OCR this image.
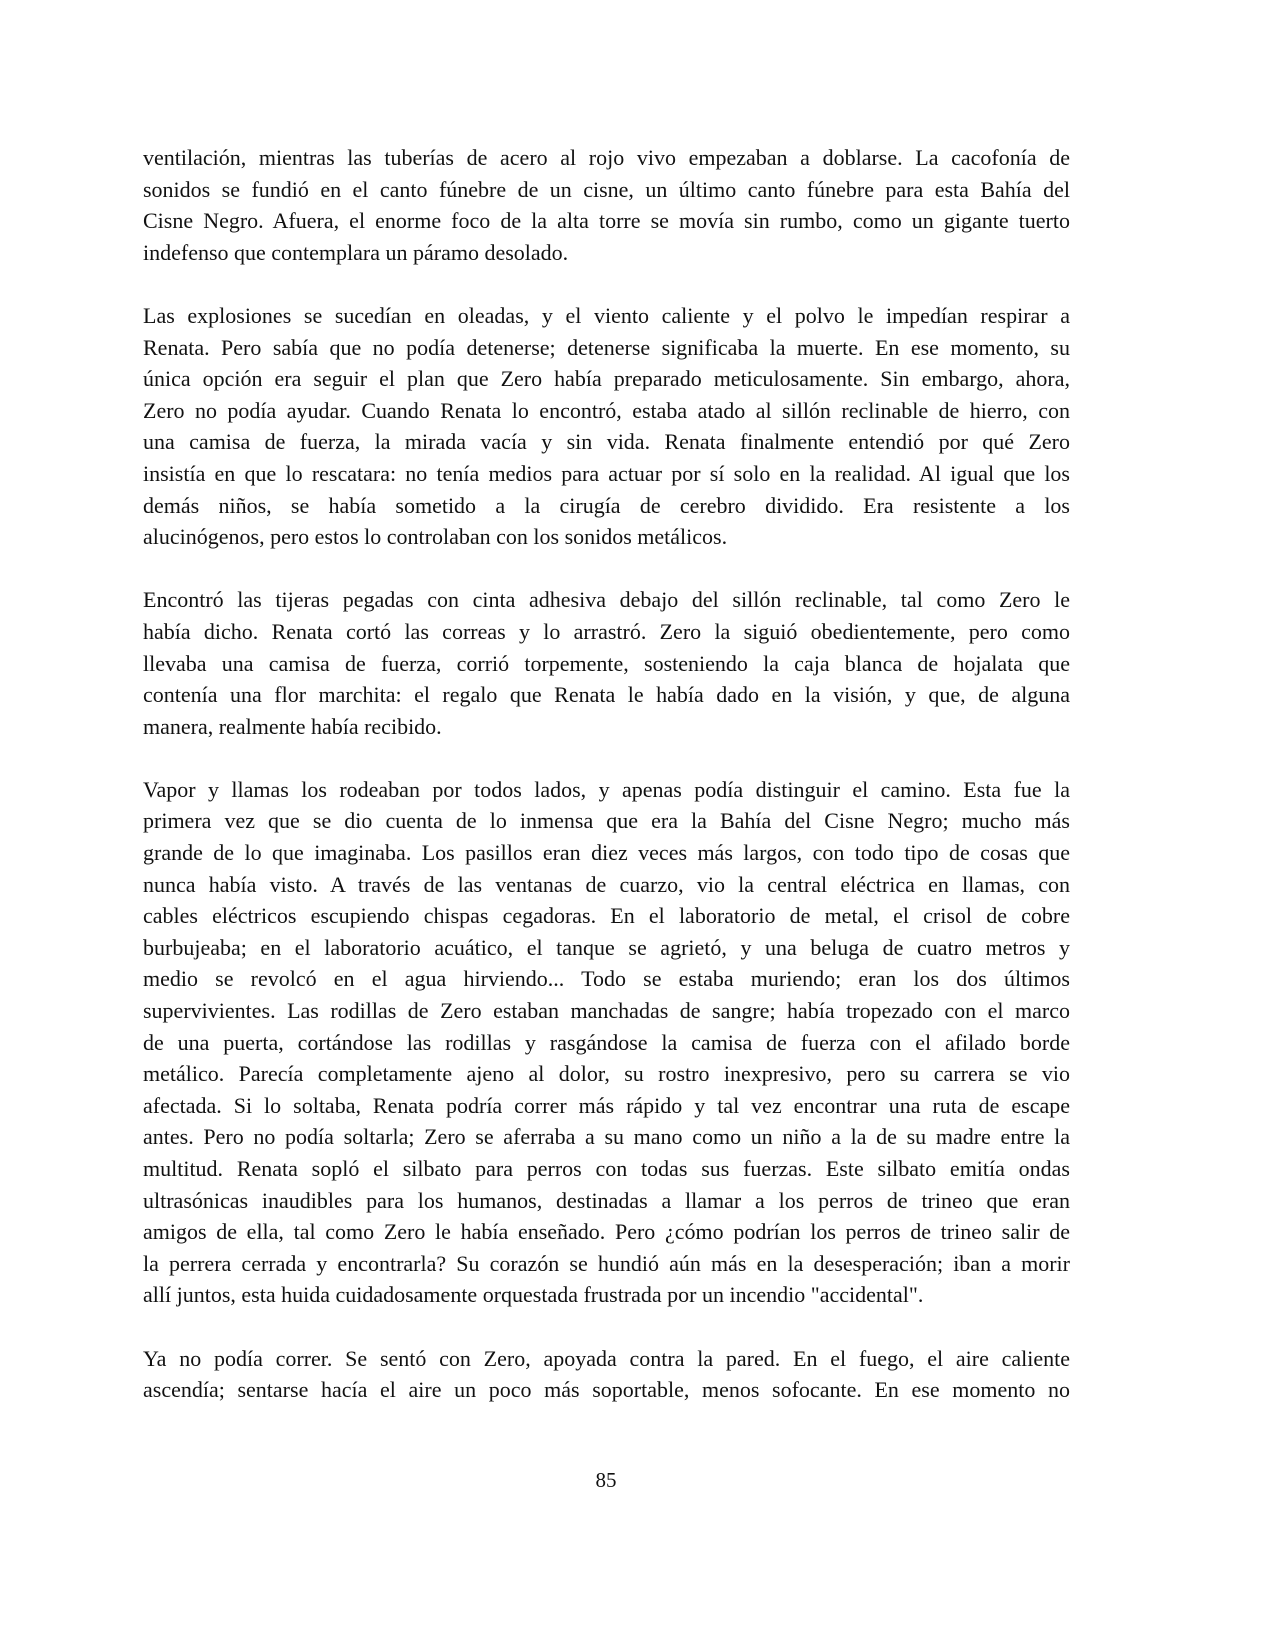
ventilación, mientras las tuberías de acero al rojo vivo empezaban a doblarse. La cacofonía de
sonidos se fundió en el canto fúnebre de un cisne, un último canto fúnebre para esta Bahía del
Cisne Negro. Afuera, el enorme foco de la alta torre se movía sin rumbo, como un gigante tuerto
indefenso que contemplara un páramo desolado.
Las explosiones se sucedían en oleadas, y el viento caliente y el polvo le impedían respirar a
Renata. Pero sabía que no podía detenerse; detenerse significaba la muerte. En ese momento, su
única opción era seguir el plan que Zero había preparado meticulosamente. Sin embargo, ahora,
Zero no podía ayudar. Cuando Renata lo encontró, estaba atado al sillón reclinable de hierro, con
una camisa de fuerza, la mirada vacía y sin vida. Renata finalmente entendió por qué Zero
insistía en que lo rescatara: no tenía medios para actuar por sí solo en la realidad. Al igual que los
demás niños, se había sometido a la cirugía de cerebro dividido. Era resistente a los
alucinógenos, pero estos lo controlaban con los sonidos metálicos.
Encontró las tijeras pegadas con cinta adhesiva debajo del sillón reclinable, tal como Zero le
había dicho. Renata cortó las correas y lo arrastró. Zero la siguió obedientemente, pero como
llevaba una camisa de fuerza, corrió torpemente, sosteniendo la caja blanca de hojalata que
contenía una flor marchita: el regalo que Renata le había dado en la visión, y que, de alguna
manera, realmente había recibido.
Vapor y llamas los rodeaban por todos lados, y apenas podía distinguir el camino. Esta fue la
primera vez que se dio cuenta de lo inmensa que era la Bahía del Cisne Negro; mucho más
grande de lo que imaginaba. Los pasillos eran diez veces más largos, con todo tipo de cosas que
nunca había visto. A través de las ventanas de cuarzo, vio la central eléctrica en llamas, con
cables eléctricos escupiendo chispas cegadoras. En el laboratorio de metal, el crisol de cobre
burbujeaba; en el laboratorio acuático, el tanque se agrietó, y una beluga de cuatro metros y
medio se revolcó en el agua hirviendo... Todo se estaba muriendo; eran los dos últimos
supervivientes. Las rodillas de Zero estaban manchadas de sangre; había tropezado con el marco
de una puerta, cortándose las rodillas y rasgándose la camisa de fuerza con el afilado borde
metálico. Parecía completamente ajeno al dolor, su rostro inexpresivo, pero su carrera se vio
afectada. Si lo soltaba, Renata podría correr más rápido y tal vez encontrar una ruta de escape
antes. Pero no podía soltarla; Zero se aferraba a su mano como un niño a la de su madre entre la
multitud. Renata sopló el silbato para perros con todas sus fuerzas. Este silbato emitía ondas
ultrasónicas inaudibles para los humanos, destinadas a llamar a los perros de trineo que eran
amigos de ella, tal como Zero le había enseñado. Pero ¿cómo podrían los perros de trineo salir de
la perrera cerrada y encontrarla? Su corazón se hundió aún más en la desesperación; iban a morir
allí juntos, esta huida cuidadosamente orquestada frustrada por un incendio "accidental".
Ya no podía correr. Se sentó con Zero, apoyada contra la pared. En el fuego, el aire caliente
ascendía; sentarse hacía el aire un poco más soportable, menos sofocante. En ese momento no
85
